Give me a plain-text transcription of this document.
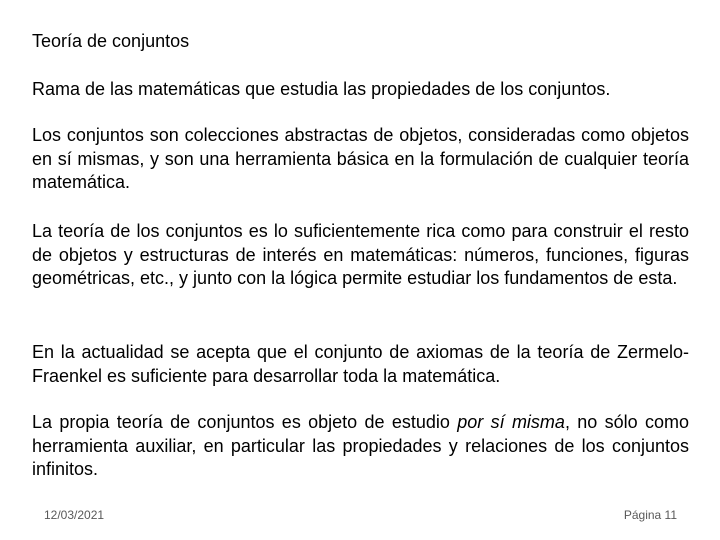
Teoría de conjuntos

Rama de las matemáticas que estudia las propiedades de los conjuntos.

Los conjuntos son colecciones abstractas de objetos, consideradas como objetos en sí mismas, y son una herramienta básica en la formulación de cualquier teoría matemática.

La teoría de los conjuntos es lo suficientemente rica como para construir el resto de objetos y estructuras de interés en matemáticas: números, funciones, figuras geométricas, etc., y junto con la lógica permite estudiar los fundamentos de esta.

En la actualidad se acepta que el conjunto de axiomas de la teoría de Zermelo-Fraenkel es suficiente para desarrollar toda la matemática.

La propia teoría de conjuntos es objeto de estudio por sí misma, no sólo como herramienta auxiliar, en particular las propiedades y relaciones de los conjuntos infinitos.

12/03/2021	Página 11
